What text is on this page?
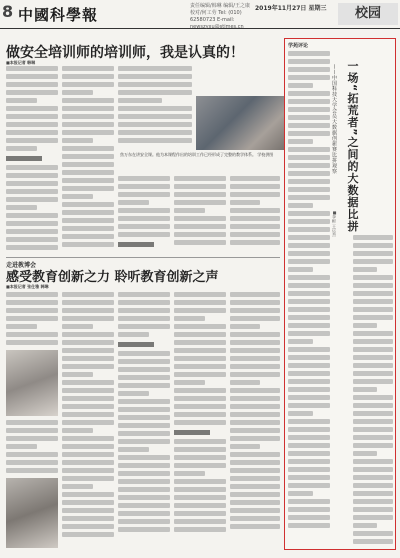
8 中國科學報	责任编辑/韩琳 编辑/王之康 校对/何工劳 Tel: (010) 62580723 E-mail: newszyxu@stimes.cn
2019年11月27日 星期三	校园
做安全培训师的培训师，我是认真的！
■本报记者 韩琳
焦万东在讲安全课。他为本课程作出的培训工作已经形成了完整的教学体系。 学校供图
走进教博会
感受教育创新之力 聆听教育创新之声
■本报记者 张仕雅 韩琳
学苑评论
一场“拓荒者”之间的大数据比拼
——中国科技大学会员大数据创新赛比拼观察
■李彬 王运杰
